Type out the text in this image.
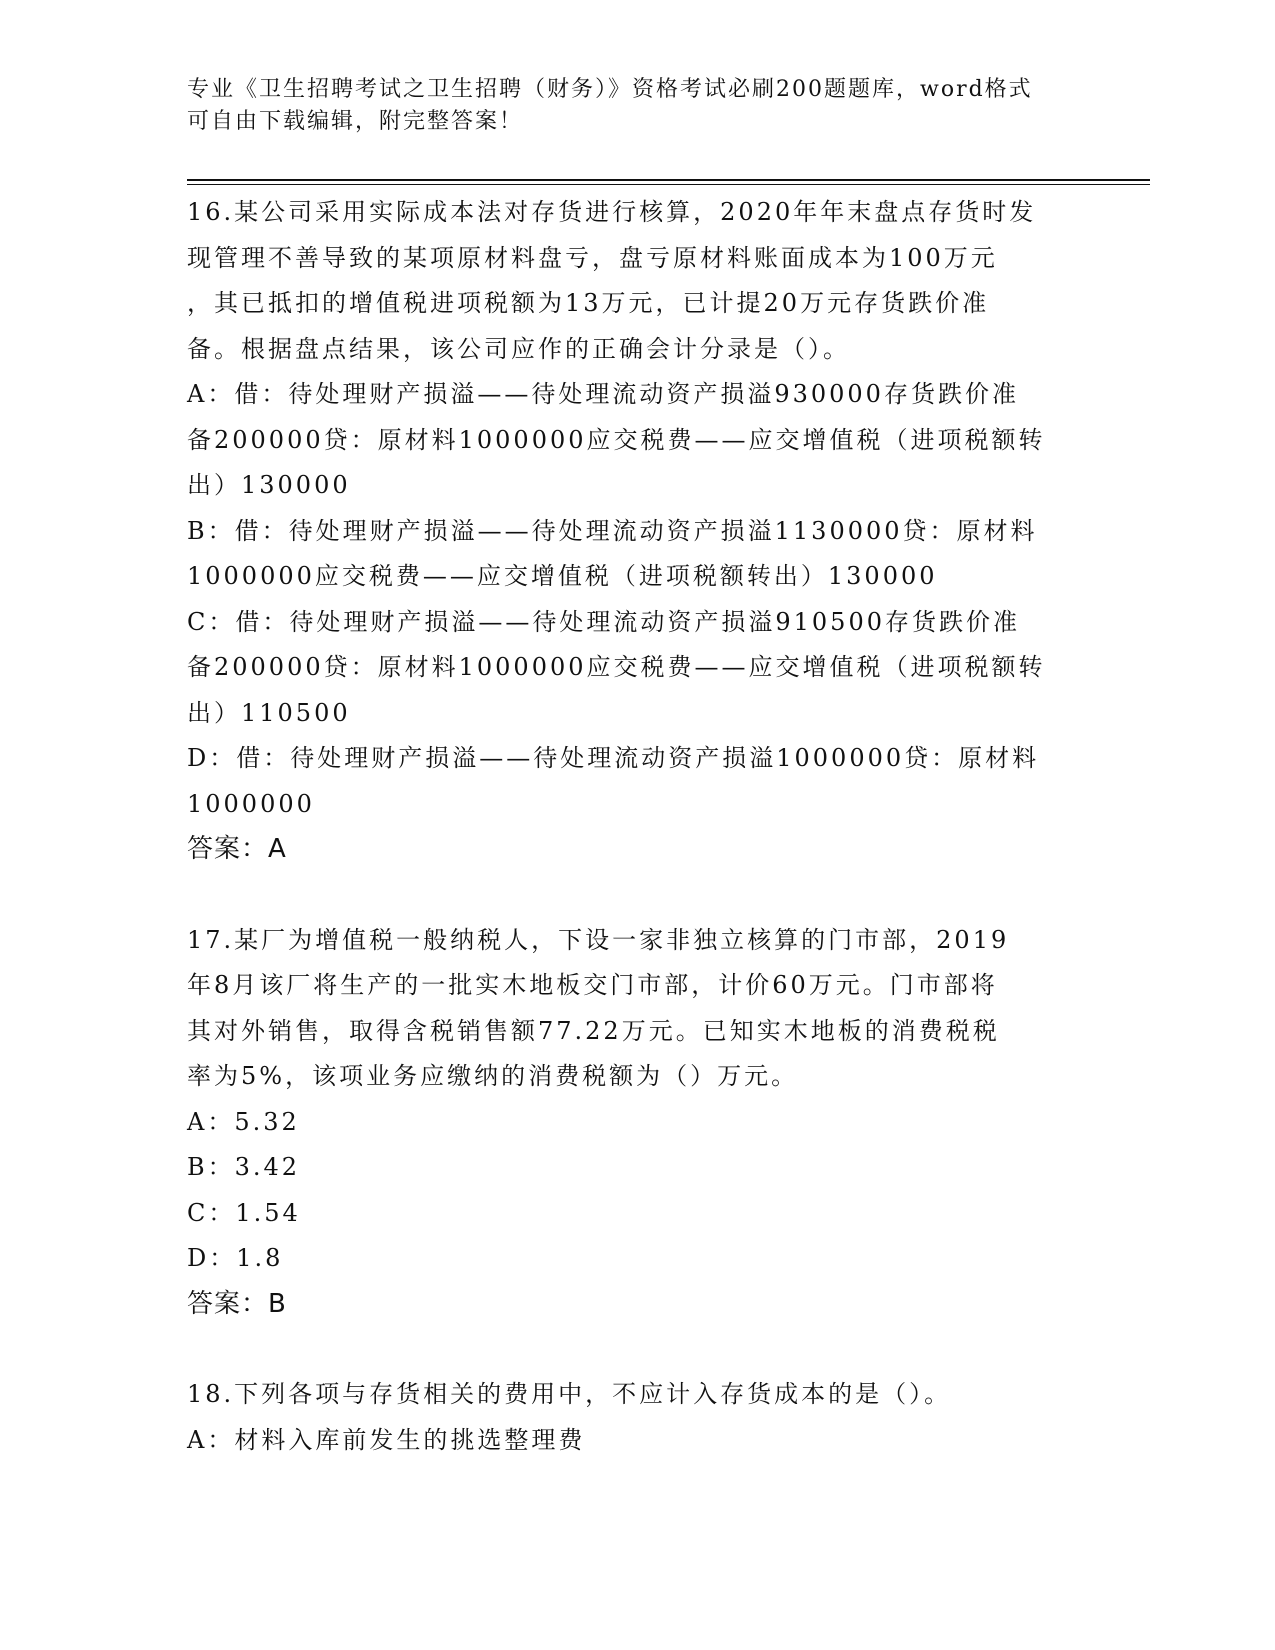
专业《卫生招聘考试之卫生招聘（财务）》资格考试必刷200题题库，word格式
可自由下载编辑，附完整答案！
16.某公司采用实际成本法对存货进行核算，2020年年末盘点存货时发
现管理不善导致的某项原材料盘亏，盘亏原材料账面成本为100万元
，其已抵扣的增值税进项税额为13万元，已计提20万元存货跌价准
备。根据盘点结果，该公司应作的正确会计分录是（）。
A：借：待处理财产损溢——待处理流动资产损溢930000存货跌价准
备200000贷：原材料1000000应交税费——应交增值税（进项税额转
出）130000
B：借：待处理财产损溢——待处理流动资产损溢1130000贷：原材料
1000000应交税费——应交增值税（进项税额转出）130000
C：借：待处理财产损溢——待处理流动资产损溢910500存货跌价准
备200000贷：原材料1000000应交税费——应交增值税（进项税额转
出）110500
D：借：待处理财产损溢——待处理流动资产损溢1000000贷：原材料
1000000
答案：A
17.某厂为增值税一般纳税人，下设一家非独立核算的门市部，2019
年8月该厂将生产的一批实木地板交门市部，计价60万元。门市部将
其对外销售，取得含税销售额77.22万元。已知实木地板的消费税税
率为5%，该项业务应缴纳的消费税额为（）万元。
A：5.32
B：3.42
C：1.54
D：1.8
答案：B
18.下列各项与存货相关的费用中，不应计入存货成本的是（）。
A：材料入库前发生的挑选整理费
